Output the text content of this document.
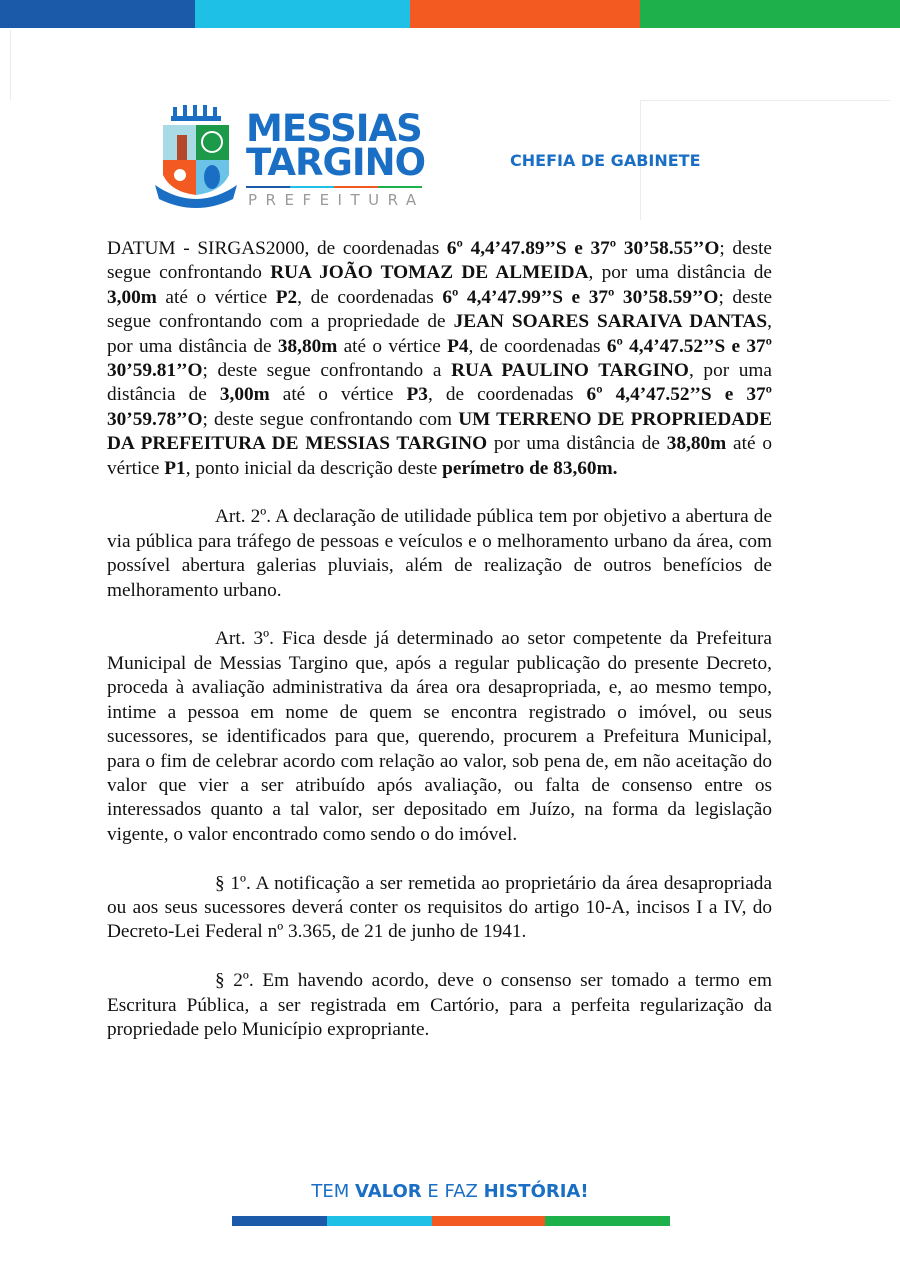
MESSIAS
TARGINO
PREFEITURA
CHEFIA DE GABINETE

DATUM - SIRGAS2000, de coordenadas 6º 4,4’47.89’’S e 37º 30’58.55’’O; deste segue confrontando RUA JOÃO TOMAZ DE ALMEIDA, por uma distância de 3,00m até o vértice P2, de coordenadas 6º 4,4’47.99’’S e 37º 30’58.59’’O; deste segue confrontando com a propriedade de JEAN SOARES SARAIVA DANTAS, por uma distância de 38,80m até o vértice P4, de coordenadas 6º 4,4’47.52’’S e 37º 30’59.81’’O; deste segue confrontando a RUA PAULINO TARGINO, por uma distância de 3,00m até o vértice P3, de coordenadas 6º 4,4’47.52’’S e 37º 30’59.78’’O; deste segue confrontando com UM TERRENO DE PROPRIEDADE DA PREFEITURA DE MESSIAS TARGINO por uma distância de 38,80m até o vértice P1, ponto inicial da descrição deste perímetro de 83,60m.

Art. 2º. A declaração de utilidade pública tem por objetivo a abertura de via pública para tráfego de pessoas e veículos e o melhoramento urbano da área, com possível abertura galerias pluviais, além de realização de outros benefícios de melhoramento urbano.

Art. 3º. Fica desde já determinado ao setor competente da Prefeitura Municipal de Messias Targino que, após a regular publicação do presente Decreto, proceda à avaliação administrativa da área ora desapropriada, e, ao mesmo tempo, intime a pessoa em nome de quem se encontra registrado o imóvel, ou seus sucessores, se identificados para que, querendo, procurem a Prefeitura Municipal, para o fim de celebrar acordo com relação ao valor, sob pena de, em não aceitação do valor que vier a ser atribuído após avaliação, ou falta de consenso entre os interessados quanto a tal valor, ser depositado em Juízo, na forma da legislação vigente, o valor encontrado como sendo o do imóvel.

§ 1º. A notificação a ser remetida ao proprietário da área desapropriada ou aos seus sucessores deverá conter os requisitos do artigo 10-A, incisos I a IV, do Decreto-Lei Federal nº 3.365, de 21 de junho de 1941.

§ 2º. Em havendo acordo, deve o consenso ser tomado a termo em Escritura Pública, a ser registrada em Cartório, para a perfeita regularização da propriedade pelo Município expropriante.

TEM VALOR E FAZ HISTÓRIA!
